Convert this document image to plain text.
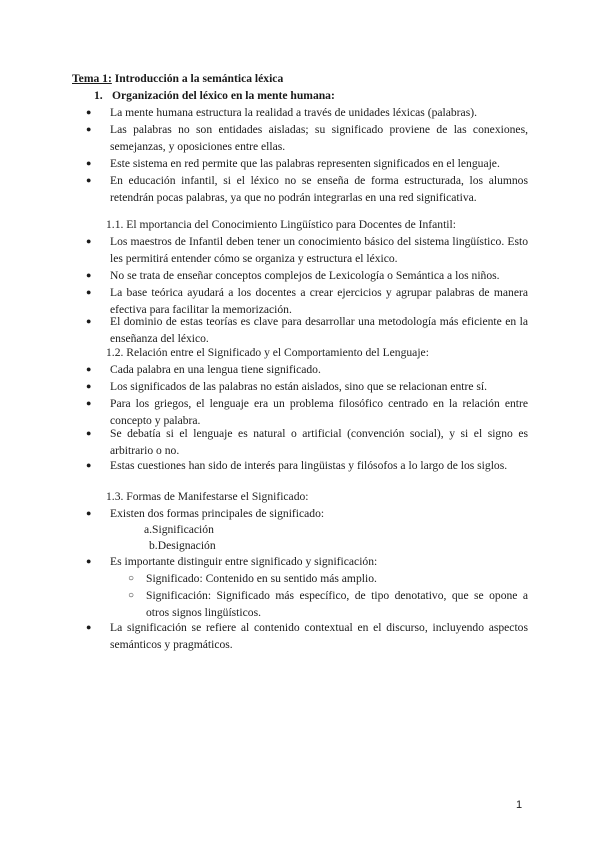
Tema 1: Introducción a la semántica léxica
1. Organización del léxico en la mente humana:
● La mente humana estructura la realidad a través de unidades léxicas (palabras).
● Las palabras no son entidades aisladas; su significado proviene de las conexiones, semejanzas, y oposiciones entre ellas.
● Este sistema en red permite que las palabras representen significados en el lenguaje.
● En educación infantil, si el léxico no se enseña de forma estructurada, los alumnos retendrán pocas palabras, ya que no podrán integrarlas en una red significativa.
1.1. El mportancia del Conocimiento Lingüístico para Docentes de Infantil:
● Los maestros de Infantil deben tener un conocimiento básico del sistema lingüístico. Esto les permitirá entender cómo se organiza y estructura el léxico.
● No se trata de enseñar conceptos complejos de Lexicología o Semántica a los niños.
● La base teórica ayudará a los docentes a crear ejercicios y agrupar palabras de manera efectiva para facilitar la memorización.
● El dominio de estas teorías es clave para desarrollar una metodología más eficiente en la enseñanza del léxico.
1.2. Relación entre el Significado y el Comportamiento del Lenguaje:
● Cada palabra en una lengua tiene significado.
● Los significados de las palabras no están aislados, sino que se relacionan entre sí.
● Para los griegos, el lenguaje era un problema filosófico centrado en la relación entre concepto y palabra.
● Se debatía si el lenguaje es natural o artificial (convención social), y si el signo es arbitrario o no.
● Estas cuestiones han sido de interés para lingüistas y filósofos a lo largo de los siglos.
1.3. Formas de Manifestarse el Significado:
● Existen dos formas principales de significado:
a.Significación
b.Designación
● Es importante distinguir entre significado y significación:
○ Significado: Contenido en su sentido más amplio.
○ Significación: Significado más específico, de tipo denotativo, que se opone a otros signos lingüísticos.
● La significación se refiere al contenido contextual en el discurso, incluyendo aspectos semánticos y pragmáticos.
1
